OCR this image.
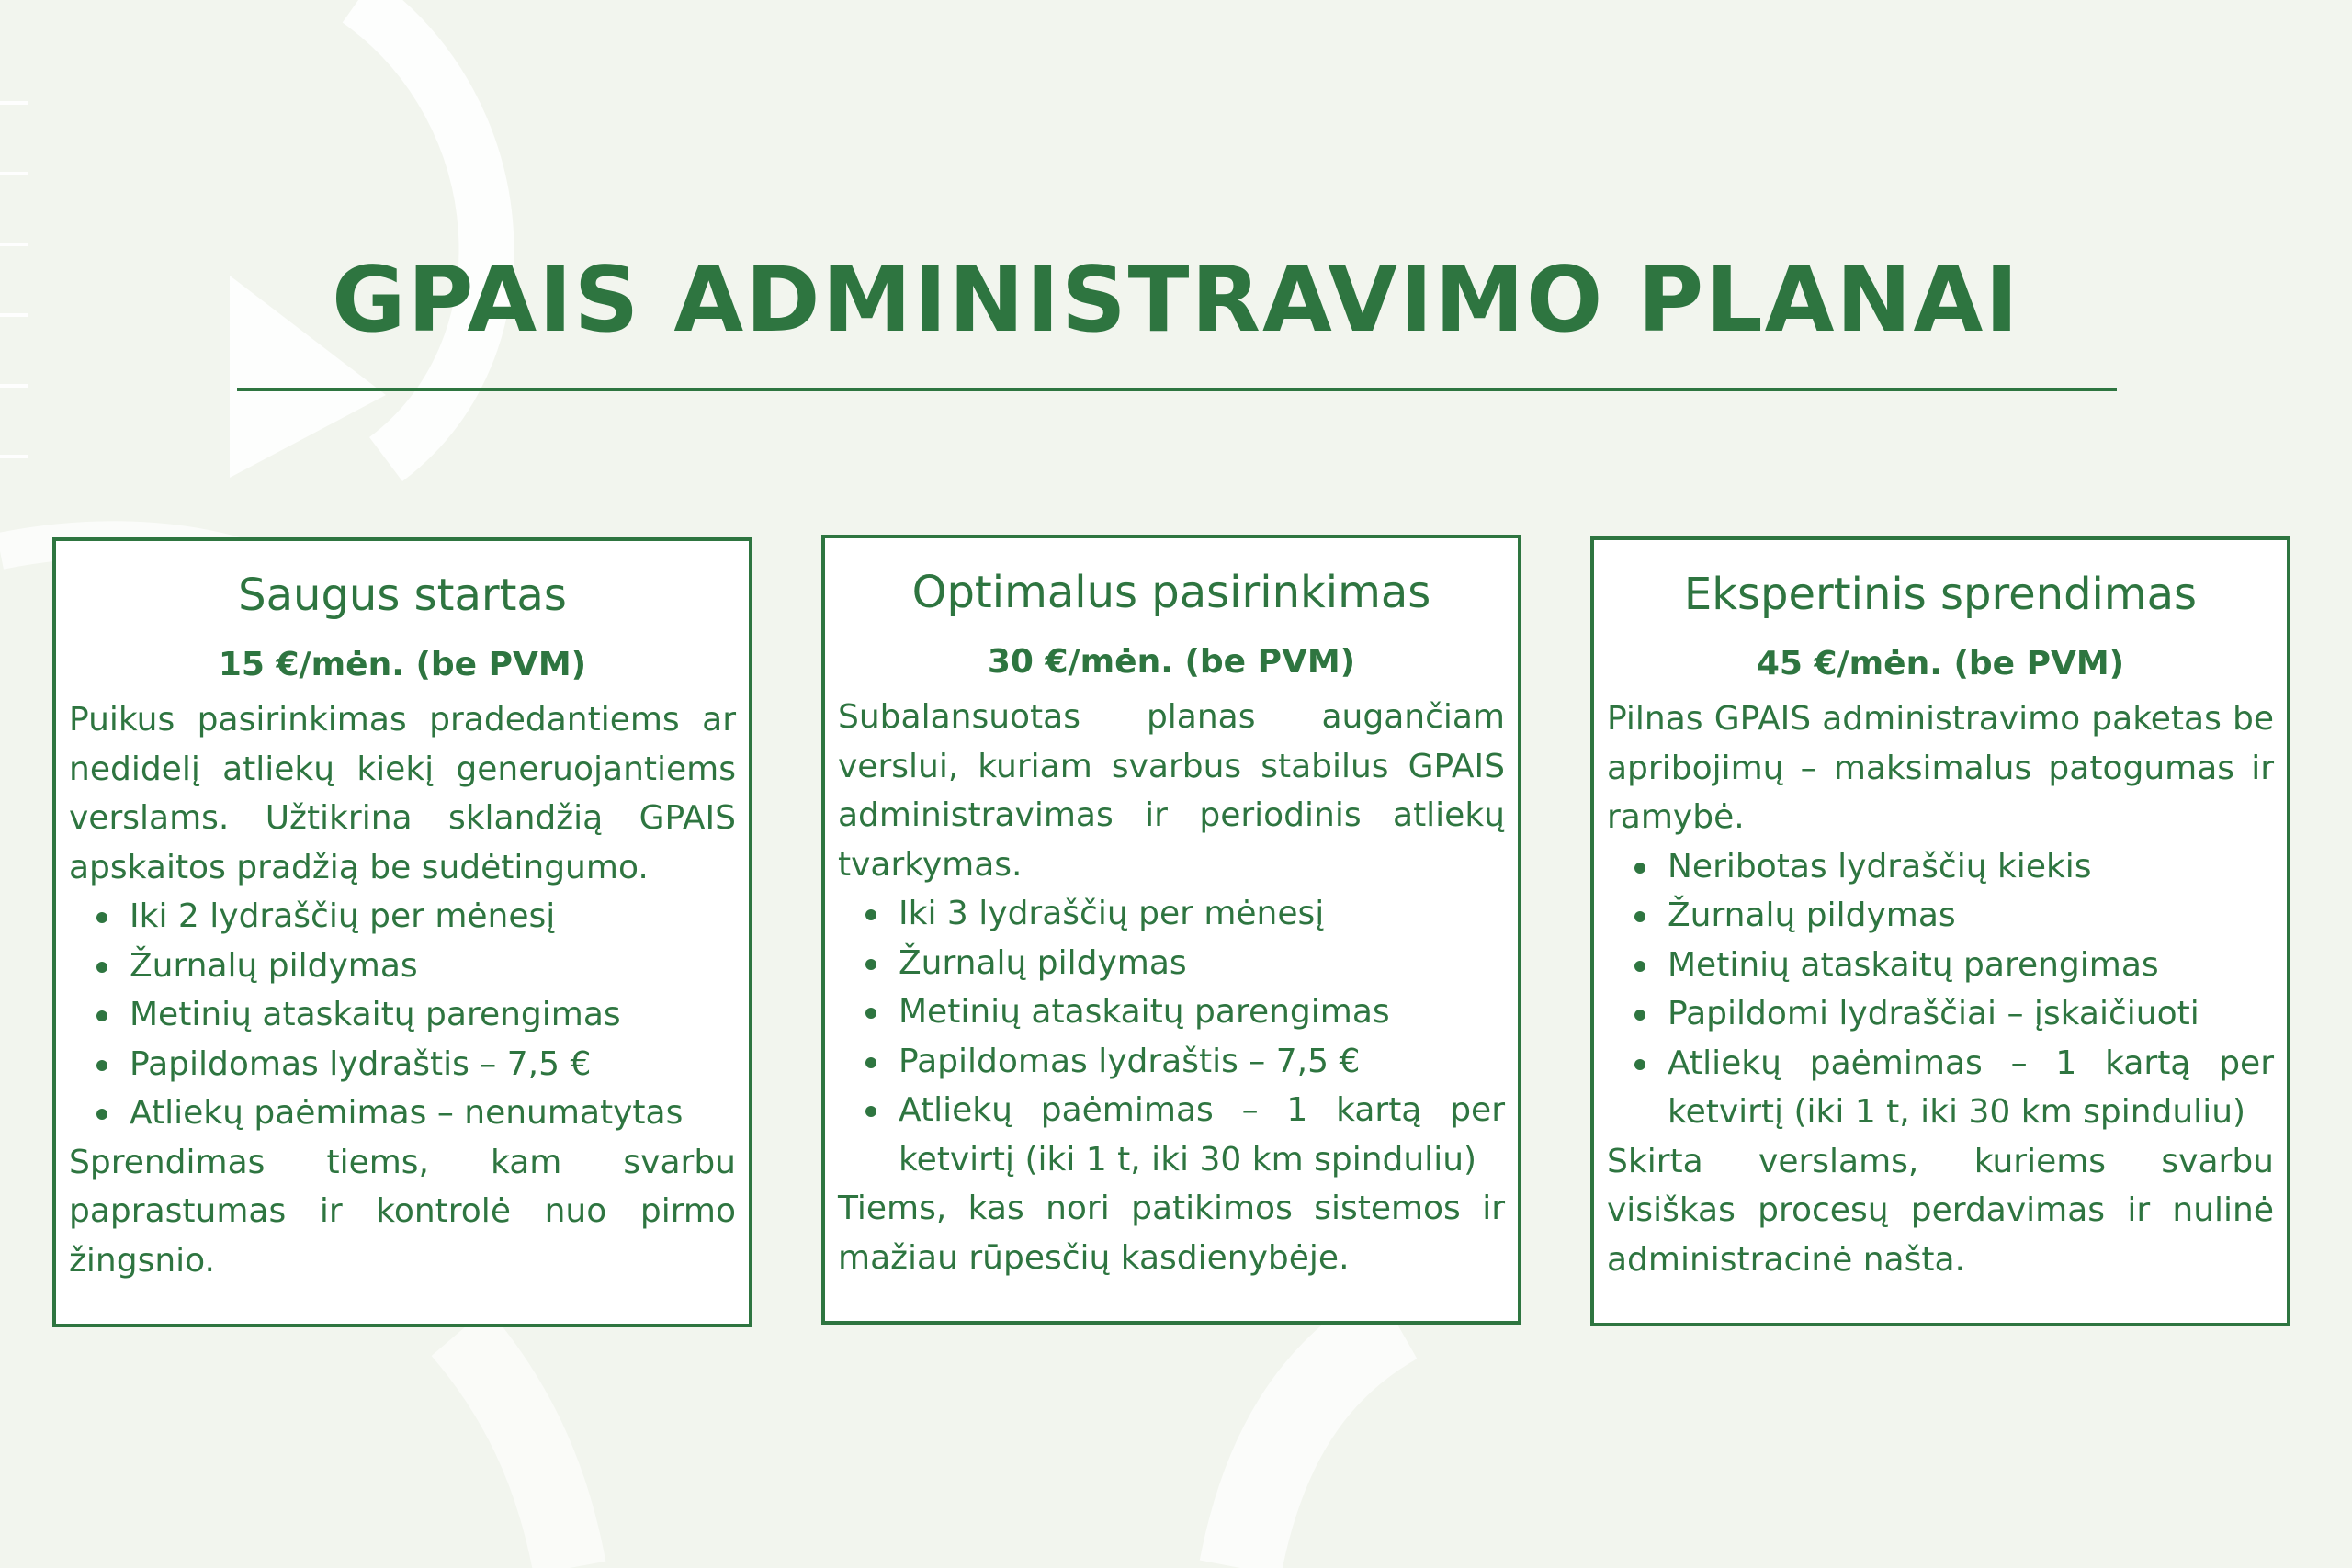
GPAIS ADMINISTRAVIMO PLANAI
Saugus startas
15 €/mėn. (be PVM)

Puikus pasirinkimas pradedantiems ar nedidelį atliekų kiekį generuojantiems verslams. Užtikrina sklandžią GPAIS apskaitos pradžią be sudėtingumo.

Iki 2 lydraščių per mėnesį
Žurnalų pildymas
Metinių ataskaitų parengimas
Papildomas lydraštis – 7,5 €
Atliekų paėmimas – nenumatytas

Sprendimas tiems, kam svarbu paprastumas ir kontrolė nuo pirmo žingsnio.

Optimalus pasirinkimas
30 €/mėn. (be PVM)

Subalansuotas planas augančiam verslui, kuriam svarbus stabilus GPAIS administravimas ir periodinis atliekų tvarkymas.

Iki 3 lydraščių per mėnesį
Žurnalų pildymas
Metinių ataskaitų parengimas
Papildomas lydraštis – 7,5 €
Atliekų paėmimas – 1 kartą per ketvirtį (iki 1 t, iki 30 km spinduliu)

Tiems, kas nori patikimos sistemos ir mažiau rūpesčių kasdienybėje.

Ekspertinis sprendimas
45 €/mėn. (be PVM)

Pilnas GPAIS administravimo paketas be apribojimų – maksimalus patogumas ir ramybė.

Neribotas lydraščių kiekis
Žurnalų pildymas
Metinių ataskaitų parengimas
Papildomi lydraščiai – įskaičiuoti
Atliekų paėmimas – 1 kartą per ketvirtį (iki 1 t, iki 30 km spinduliu)

Skirta verslams, kuriems svarbu visiškas procesų perdavimas ir nulinė administracinė našta.
